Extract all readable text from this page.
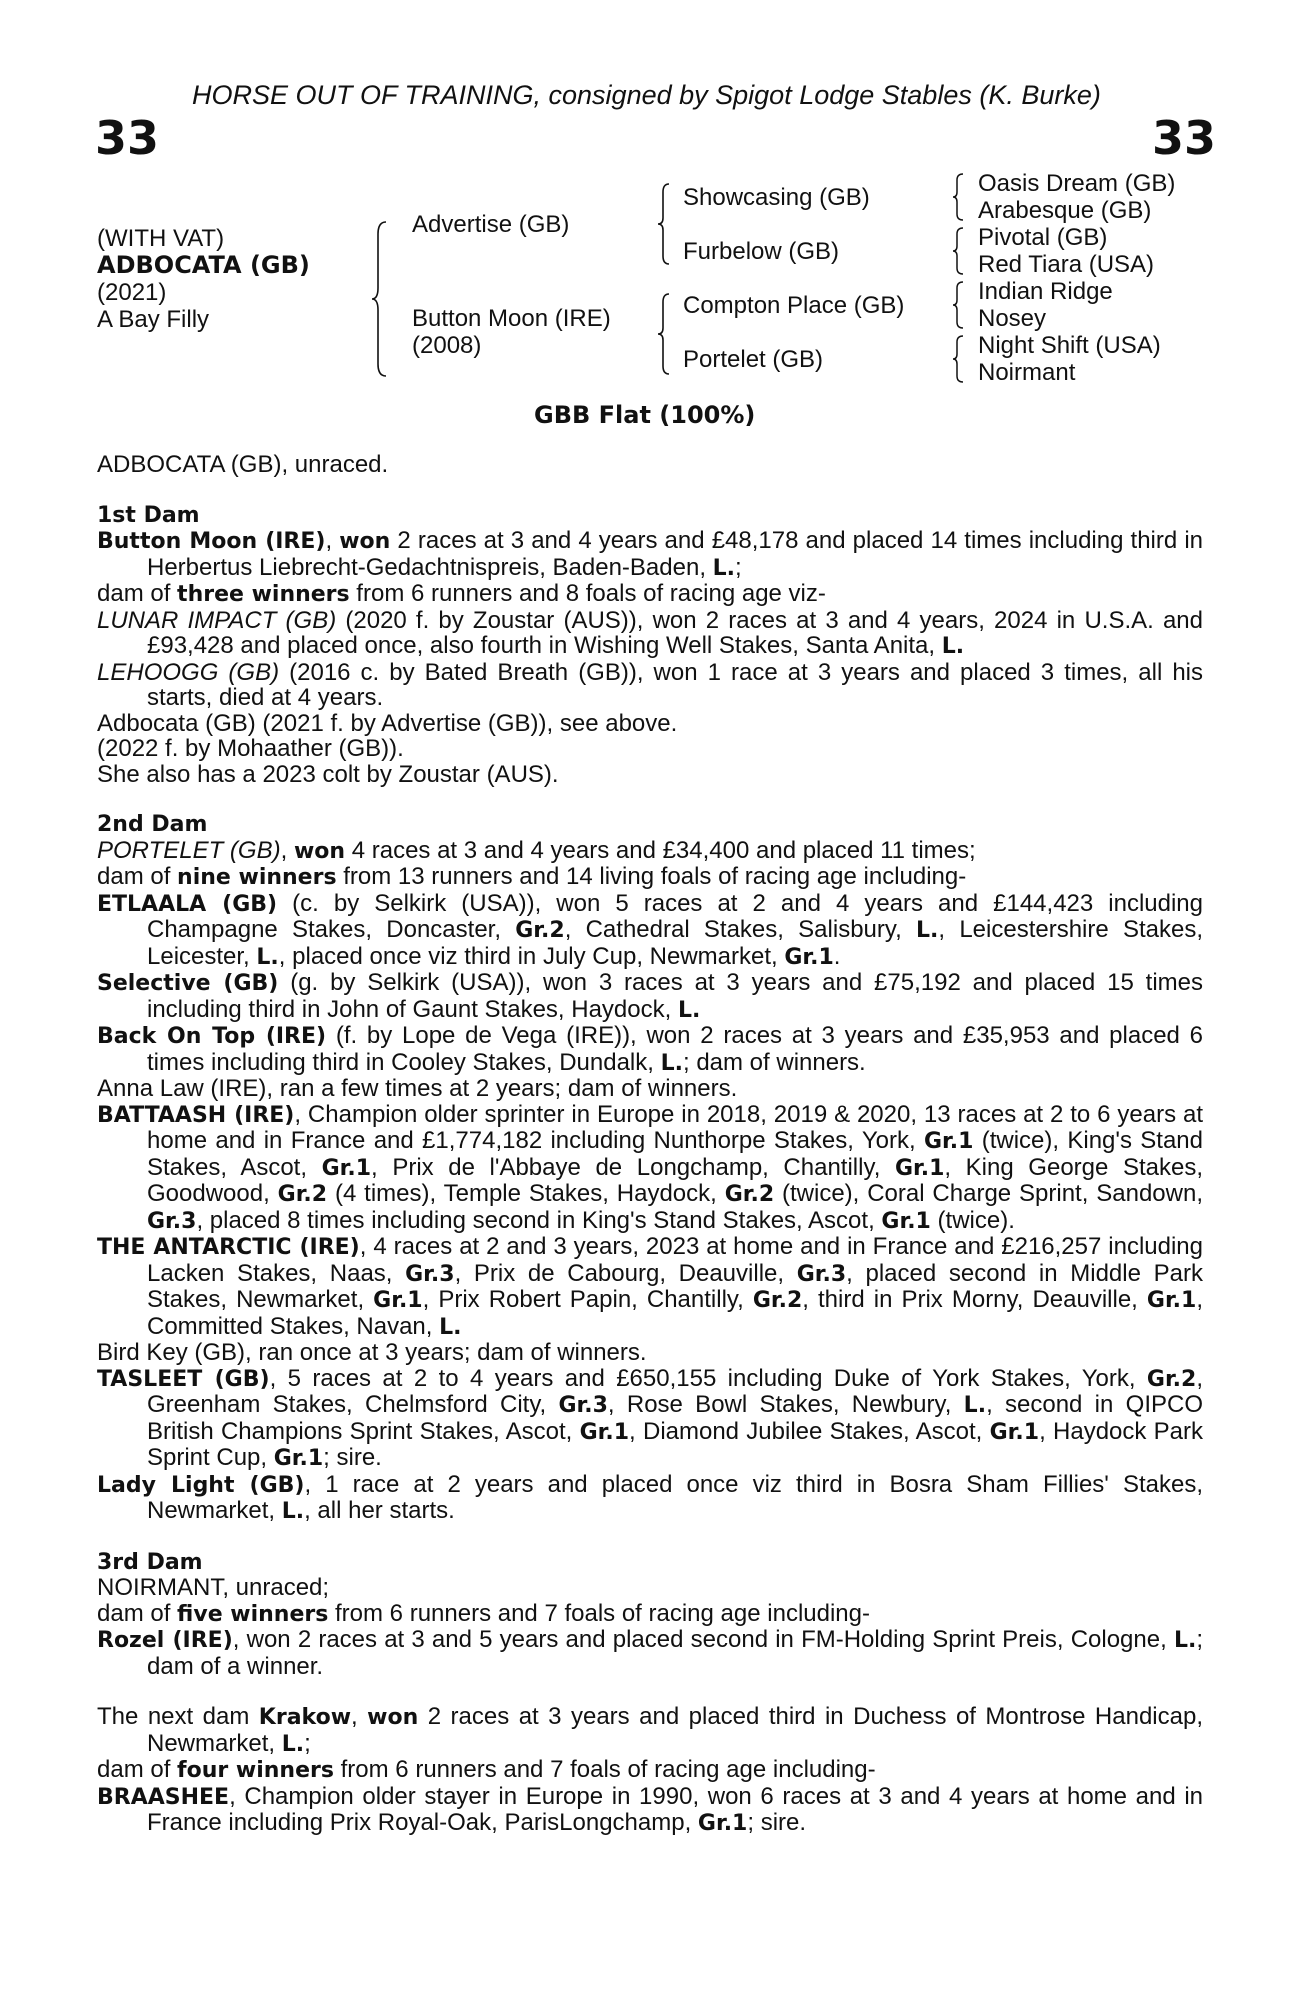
HORSE OUT OF TRAINING, consigned by Spigot Lodge Stables (K. Burke)
33	33
(WITH VAT)
ADBOCATA (GB)
(2021)
A Bay Filly
Advertise (GB)
Button Moon (IRE)
(2008)
Showcasing (GB)
Furbelow (GB)
Compton Place (GB)
Portelet (GB)
Oasis Dream (GB)
Arabesque (GB)
Pivotal (GB)
Red Tiara (USA)
Indian Ridge
Nosey
Night Shift (USA)
Noirmant
GBB Flat (100%)

ADBOCATA (GB), unraced.

1st Dam

Button Moon (IRE), won 2 races at 3 and 4 years and £48,178 and placed 14 times including third in Herbertus Liebrecht-Gedachtnispreis, Baden-Baden, L.;

dam of three winners from 6 runners and 8 foals of racing age viz-

LUNAR IMPACT (GB) (2020 f. by Zoustar (AUS)), won 2 races at 3 and 4 years, 2024 in U.S.A. and £93,428 and placed once, also fourth in Wishing Well Stakes, Santa Anita, L.

LEHOOGG (GB) (2016 c. by Bated Breath (GB)), won 1 race at 3 years and placed 3 times, all his starts, died at 4 years.

Adbocata (GB) (2021 f. by Advertise (GB)), see above.

(2022 f. by Mohaather (GB)).

She also has a 2023 colt by Zoustar (AUS).

2nd Dam

PORTELET (GB), won 4 races at 3 and 4 years and £34,400 and placed 11 times;

dam of nine winners from 13 runners and 14 living foals of racing age including-

ETLAALA (GB) (c. by Selkirk (USA)), won 5 races at 2 and 4 years and £144,423 including Champagne Stakes, Doncaster, Gr.2, Cathedral Stakes, Salisbury, L., Leicestershire Stakes, Leicester, L., placed once viz third in July Cup, Newmarket, Gr.1.

Selective (GB) (g. by Selkirk (USA)), won 3 races at 3 years and £75,192 and placed 15 times including third in John of Gaunt Stakes, Haydock, L.

Back On Top (IRE) (f. by Lope de Vega (IRE)), won 2 races at 3 years and £35,953 and placed 6 times including third in Cooley Stakes, Dundalk, L.; dam of winners.

Anna Law (IRE), ran a few times at 2 years; dam of winners.

BATTAASH (IRE), Champion older sprinter in Europe in 2018, 2019 & 2020, 13 races at 2 to 6 years at home and in France and £1,774,182 including Nunthorpe Stakes, York, Gr.1 (twice), King's Stand Stakes, Ascot, Gr.1, Prix de l'Abbaye de Longchamp, Chantilly, Gr.1, King George Stakes, Goodwood, Gr.2 (4 times), Temple Stakes, Haydock, Gr.2 (twice), Coral Charge Sprint, Sandown, Gr.3, placed 8 times including second in King's Stand Stakes, Ascot, Gr.1 (twice).

THE ANTARCTIC (IRE), 4 races at 2 and 3 years, 2023 at home and in France and £216,257 including Lacken Stakes, Naas, Gr.3, Prix de Cabourg, Deauville, Gr.3, placed second in Middle Park Stakes, Newmarket, Gr.1, Prix Robert Papin, Chantilly, Gr.2, third in Prix Morny, Deauville, Gr.1, Committed Stakes, Navan, L.

Bird Key (GB), ran once at 3 years; dam of winners.

TASLEET (GB), 5 races at 2 to 4 years and £650,155 including Duke of York Stakes, York, Gr.2, Greenham Stakes, Chelmsford City, Gr.3, Rose Bowl Stakes, Newbury, L., second in QIPCO British Champions Sprint Stakes, Ascot, Gr.1, Diamond Jubilee Stakes, Ascot, Gr.1, Haydock Park Sprint Cup, Gr.1; sire.

Lady Light (GB), 1 race at 2 years and placed once viz third in Bosra Sham Fillies' Stakes, Newmarket, L., all her starts.

3rd Dam

NOIRMANT, unraced;

dam of five winners from 6 runners and 7 foals of racing age including-

Rozel (IRE), won 2 races at 3 and 5 years and placed second in FM-Holding Sprint Preis, Cologne, L.; dam of a winner.

The next dam Krakow, won 2 races at 3 years and placed third in Duchess of Montrose Handicap, Newmarket, L.;

dam of four winners from 6 runners and 7 foals of racing age including-

BRAASHEE, Champion older stayer in Europe in 1990, won 6 races at 3 and 4 years at home and in France including Prix Royal-Oak, ParisLongchamp, Gr.1; sire.
